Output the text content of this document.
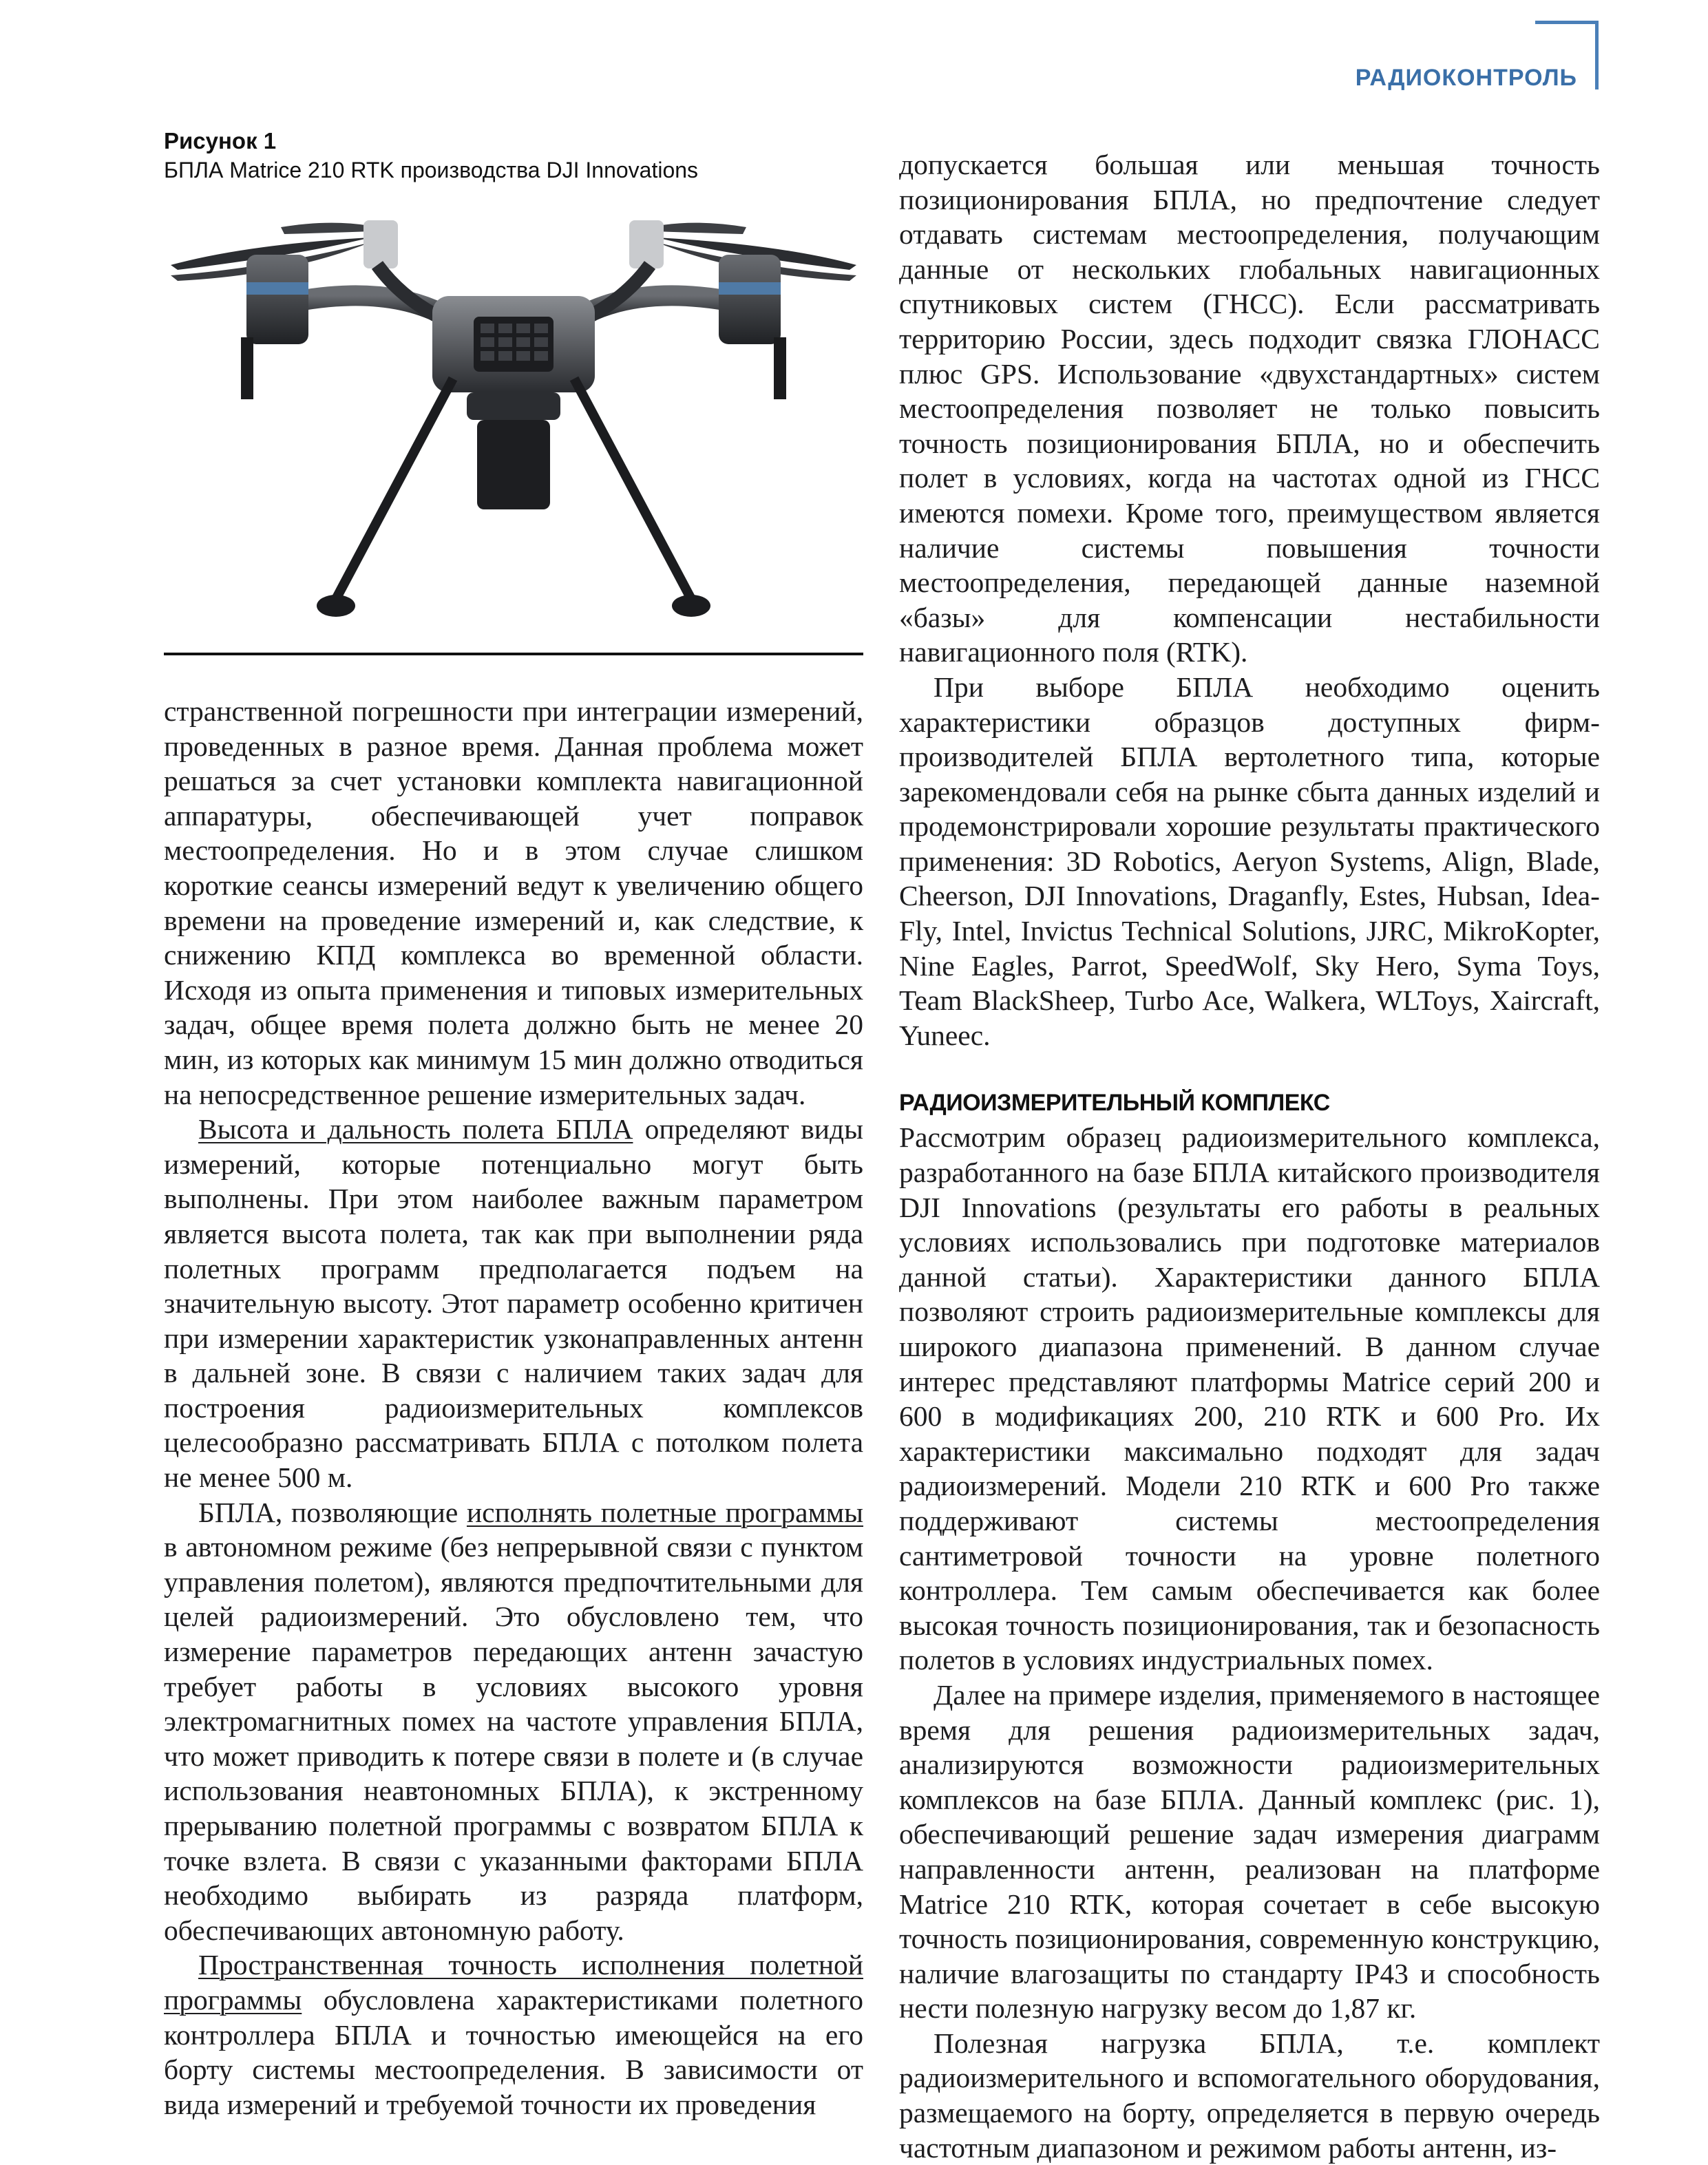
РАДИОКОНТРОЛЬ
Рисунок 1
БПЛА Matrice 210 RTK производства DJI Innovations

странственной погрешности при интеграции измерений, проведенных в разное время. Данная проблема может решаться за счет установки комплекта навигационной аппаратуры, обеспечивающей учет поправок местоопределения. Но и в этом случае слишком короткие сеансы измерений ведут к увеличению общего времени на проведение измерений и, как следствие, к снижению КПД комплекса во временной области. Исходя из опыта применения и типовых измерительных задач, общее время полета должно быть не менее 20 мин, из которых как минимум 15 мин должно отводиться на непосредственное решение измерительных задач.

Высота и дальность полета БПЛА определяют виды измерений, которые потенциально могут быть выполнены. При этом наиболее важным параметром является высота полета, так как при выполнении ряда полетных программ предполагается подъем на значительную высоту. Этот параметр особенно критичен при измерении характеристик узконаправленных антенн в дальней зоне. В связи с наличием таких задач для построения радиоизмерительных комплексов целесообразно рассматривать БПЛА с потолком полета не менее 500 м.

БПЛА, позволяющие исполнять полетные программы в автономном режиме (без непрерывной связи с пунктом управления полетом), являются предпочтительными для целей радиоизмерений. Это обусловлено тем, что измерение параметров передающих антенн зачастую требует работы в условиях высокого уровня электромагнитных помех на частоте управления БПЛА, что может приводить к потере связи в полете и (в случае использования неавтономных БПЛА), к экстренному прерыванию полетной программы с возвратом БПЛА к точке взлета. В связи с указанными факторами БПЛА необходимо выбирать из разряда платформ, обеспечивающих автономную работу.

Пространственная точность исполнения полетной программы обусловлена характеристиками полетного контроллера БПЛА и точностью имеющейся на его борту системы местоопределения. В зависимости от вида измерений и требуемой точности их проведения

допускается большая или меньшая точность позиционирования БПЛА, но предпочтение следует отдавать системам местоопределения, получающим данные от нескольких глобальных навигационных спутниковых систем (ГНСС). Если рассматривать территорию России, здесь подходит связка ГЛОНАСС плюс GPS. Использование «двухстандартных» систем местоопределения позволяет не только повысить точность позиционирования БПЛА, но и обеспечить полет в условиях, когда на частотах одной из ГНСС имеются помехи. Кроме того, преимуществом является наличие системы повышения точности местоопределения, передающей данные наземной «базы» для компенсации нестабильности навигационного поля (RTK).

При выборе БПЛА необходимо оценить характеристики образцов доступных фирм-производителей БПЛА вертолетного типа, которые зарекомендовали себя на рынке сбыта данных изделий и продемонстрировали хорошие результаты практического применения: 3D Robotics, Aeryon Systems, Align, Blade, Cheerson, DJI Innovations, Draganfly, Estes, Hubsan, Idea-Fly, Intel, Invictus Technical Solutions, JJRC, MikroKopter, Nine Eagles, Parrot, SpeedWolf, Sky Hero, Syma Toys, Team BlackSheep, Turbo Ace, Walkera, WLToys, Xaircraft, Yuneec.

РАДИОИЗМЕРИТЕЛЬНЫЙ КОМПЛЕКС

Рассмотрим образец радиоизмерительного комплекса, разработанного на базе БПЛА китайского производителя DJI Innovations (результаты его работы в реальных условиях использовались при подготовке материалов данной статьи). Характеристики данного БПЛА позволяют строить радиоизмерительные комплексы для широкого диапазона применений. В данном случае интерес представляют платформы Matrice серий 200 и 600 в модификациях 200, 210 RTK и 600 Pro. Их характеристики максимально подходят для задач радиоизмерений. Модели 210 RTK и 600 Pro также поддерживают системы местоопределения сантиметровой точности на уровне полетного контроллера. Тем самым обеспечивается как более высокая точность позиционирования, так и безопасность полетов в условиях индустриальных помех.

Далее на примере изделия, применяемого в настоящее время для решения радиоизмерительных задач, анализируются возможности радиоизмерительных комплексов на базе БПЛА. Данный комплекс (рис. 1), обеспечивающий решение задач измерения диаграмм направленности антенн, реализован на платформе Matrice 210 RTK, которая сочетает в себе высокую точность позиционирования, современную конструкцию, наличие влагозащиты по стандарту IP43 и способность нести полезную нагрузку весом до 1,87 кг.

Полезная нагрузка БПЛА, т.е. комплект радиоизмерительного и вспомогательного оборудования, размещаемого на борту, определяется в первую очередь частотным диапазоном и режимом работы антенн, из-
